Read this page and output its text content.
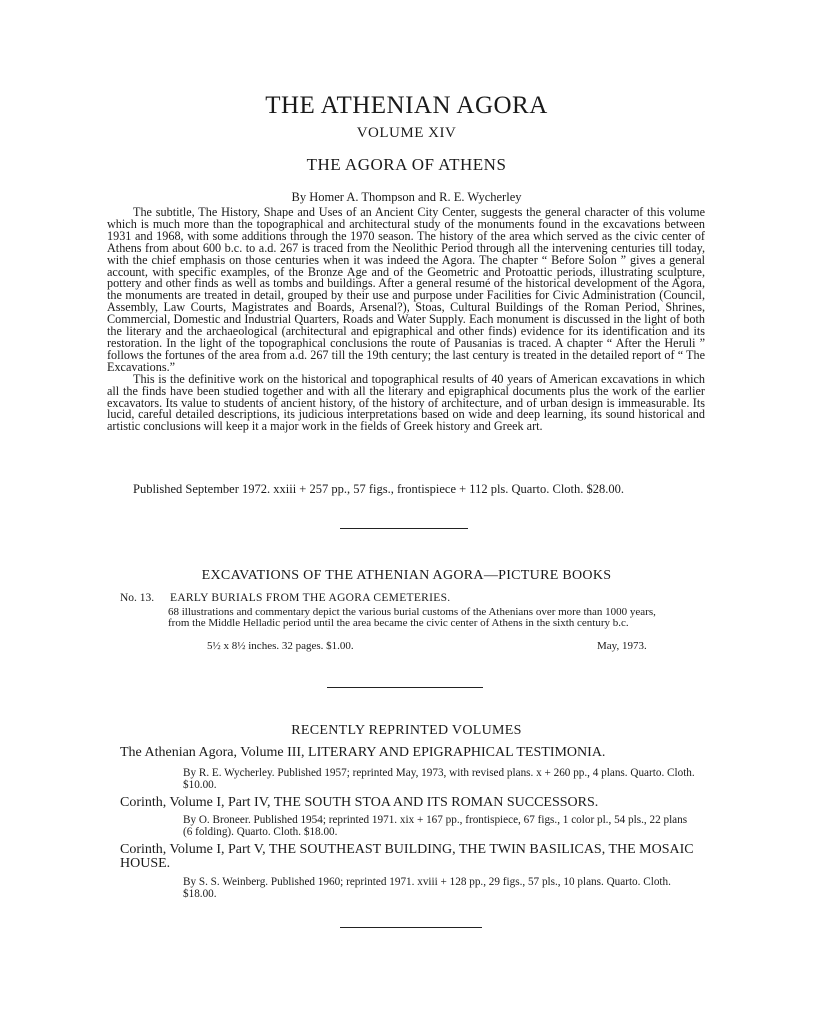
THE ATHENIAN AGORA
VOLUME XIV
THE AGORA OF ATHENS
By Homer A. Thompson and R. E. Wycherley

The subtitle, The History, Shape and Uses of an Ancient City Center, suggests the general character of this volume which is much more than the topographical and architectural study of the monuments found in the excavations between 1931 and 1968, with some additions through the 1970 season. The history of the area which served as the civic center of Athens from about 600 b.c. to a.d. 267 is traced from the Neolithic Period through all the intervening centuries till today, with the chief emphasis on those centuries when it was indeed the Agora. The chapter “ Before Solon ” gives a general account, with specific examples, of the Bronze Age and of the Geometric and Protoattic periods, illustrating sculpture, pottery and other finds as well as tombs and buildings. After a general resumé of the historical development of the Agora, the monuments are treated in detail, grouped by their use and purpose under Facilities for Civic Administration (Council, Assembly, Law Courts, Magistrates and Boards, Arsenal?), Stoas, Cultural Buildings of the Roman Period, Shrines, Commercial, Domestic and Industrial Quarters, Roads and Water Supply. Each monument is discussed in the light of both the literary and the archaeological (architectural and epigraphical and other finds) evidence for its identification and its restoration. In the light of the topographical conclusions the route of Pausanias is traced. A chapter “ After the Heruli ” follows the fortunes of the area from a.d. 267 till the 19th century; the last century is treated in the detailed report of “ The Excavations.”

This is the definitive work on the historical and topographical results of 40 years of American excavations in which all the finds have been studied together and with all the literary and epigraphical documents plus the work of the earlier excavators. Its value to students of ancient history, of the history of architecture, and of urban design is immeasurable. Its lucid, careful detailed descriptions, its judicious interpretations based on wide and deep learning, its sound historical and artistic conclusions will keep it a major work in the fields of Greek history and Greek art.

Published September 1972. xxiii + 257 pp., 57 figs., frontispiece + 112 pls. Quarto. Cloth. $28.00.
EXCAVATIONS OF THE ATHENIAN AGORA—PICTURE BOOKS
No. 13. EARLY BURIALS FROM THE AGORA CEMETERIES.
68 illustrations and commentary depict the various burial customs of the Athenians over more than 1000 years, from the Middle Helladic period until the area became the civic center of Athens in the sixth century b.c.
5½ x 8½ inches. 32 pages. $1.00.	May, 1973.
RECENTLY REPRINTED VOLUMES
The Athenian Agora, Volume III, LITERARY AND EPIGRAPHICAL TESTIMONIA.
By R. E. Wycherley. Published 1957; reprinted May, 1973, with revised plans. x + 260 pp., 4 plans. Quarto. Cloth. $10.00.
Corinth, Volume I, Part IV, THE SOUTH STOA AND ITS ROMAN SUCCESSORS.
By O. Broneer. Published 1954; reprinted 1971. xix + 167 pp., frontispiece, 67 figs., 1 color pl., 54 pls., 22 plans (6 folding). Quarto. Cloth. $18.00.
Corinth, Volume I, Part V, THE SOUTHEAST BUILDING, THE TWIN BASILICAS, THE MOSAIC HOUSE.
By S. S. Weinberg. Published 1960; reprinted 1971. xviii + 128 pp., 29 figs., 57 pls., 10 plans. Quarto. Cloth. $18.00.
